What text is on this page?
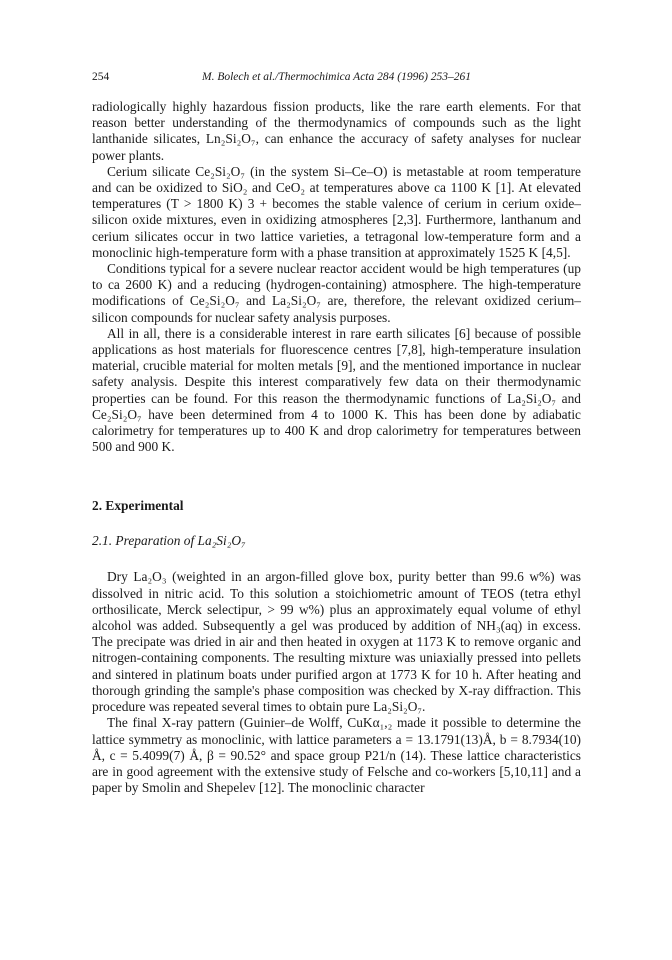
254	M. Bolech et al./Thermochimica Acta 284 (1996) 253–261

radiologically highly hazardous fission products, like the rare earth elements. For that reason better understanding of the thermodynamics of compounds such as the light lanthanide silicates, Ln₂Si₂O₇, can enhance the accuracy of safety analyses for nuclear power plants.

Cerium silicate Ce₂Si₂O₇ (in the system Si–Ce–O) is metastable at room temperature and can be oxidized to SiO₂ and CeO₂ at temperatures above ca 1100 K [1]. At elevated temperatures (T > 1800 K) 3 + becomes the stable valence of cerium in cerium oxide–silicon oxide mixtures, even in oxidizing atmospheres [2,3]. Furthermore, lanthanum and cerium silicates occur in two lattice varieties, a tetragonal low-temperature form and a monoclinic high-temperature form with a phase transition at approximately 1525 K [4,5].

Conditions typical for a severe nuclear reactor accident would be high temperatures (up to ca 2600 K) and a reducing (hydrogen-containing) atmosphere. The high-temperature modifications of Ce₂Si₂O₇ and La₂Si₂O₇ are, therefore, the relevant oxidized cerium–silicon compounds for nuclear safety analysis purposes.

All in all, there is a considerable interest in rare earth silicates [6] because of possible applications as host materials for fluorescence centres [7,8], high-temperature insulation material, crucible material for molten metals [9], and the mentioned importance in nuclear safety analysis. Despite this interest comparatively few data on their thermodynamic properties can be found. For this reason the thermodynamic functions of La₂Si₂O₇ and Ce₂Si₂O₇ have been determined from 4 to 1000 K. This has been done by adiabatic calorimetry for temperatures up to 400 K and drop calorimetry for temperatures between 500 and 900 K.

2. Experimental
2.1. Preparation of La₂Si₂O₇

Dry La₂O₃ (weighted in an argon-filled glove box, purity better than 99.6 w%) was dissolved in nitric acid. To this solution a stoichiometric amount of TEOS (tetra ethyl orthosilicate, Merck selectipur, > 99 w%) plus an approximately equal volume of ethyl alcohol was added. Subsequently a gel was produced by addition of NH₃(aq) in excess. The precipate was dried in air and then heated in oxygen at 1173 K to remove organic and nitrogen-containing components. The resulting mixture was uniaxially pressed into pellets and sintered in platinum boats under purified argon at 1773 K for 10 h. After heating and thorough grinding the sample's phase composition was checked by X-ray diffraction. This procedure was repeated several times to obtain pure La₂Si₂O₇.

The final X-ray pattern (Guinier–de Wolff, CuKα₁,₂ made it possible to determine the lattice symmetry as monoclinic, with lattice parameters a = 13.1791(13)Å, b = 8.7934(10) Å, c = 5.4099(7) Å, β = 90.52° and space group P21/n (14). These lattice characteristics are in good agreement with the extensive study of Felsche and co-workers [5,10,11] and a paper by Smolin and Shepelev [12]. The monoclinic character
